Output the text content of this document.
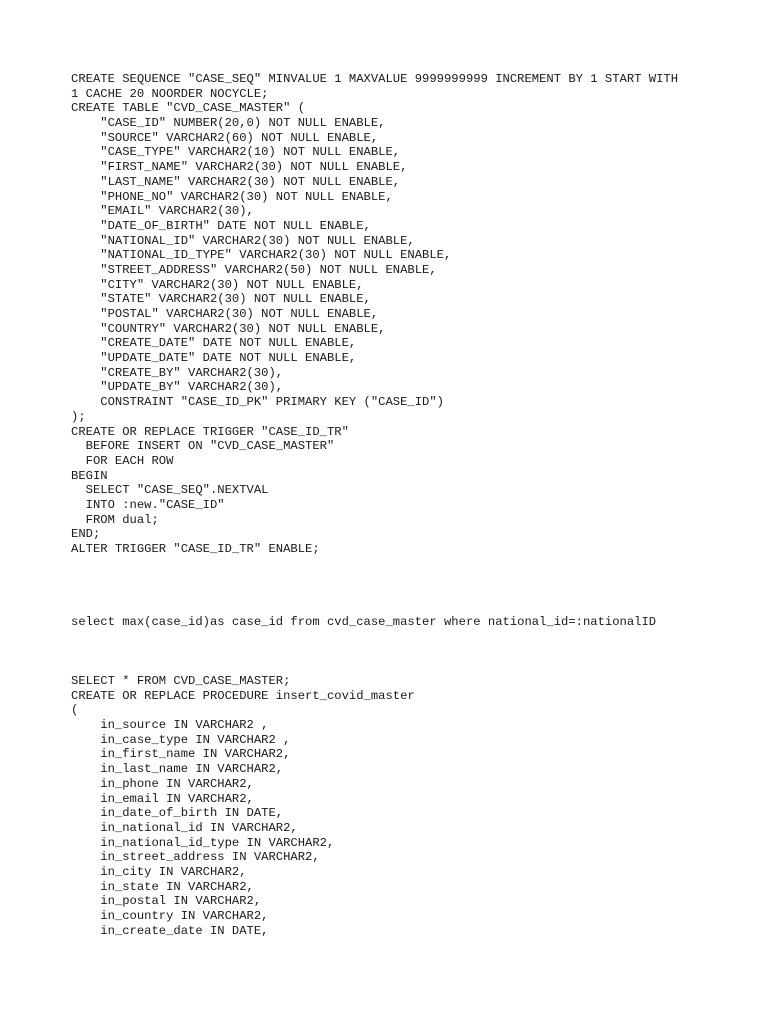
CREATE SEQUENCE "CASE_SEQ" MINVALUE 1 MAXVALUE 9999999999 INCREMENT BY 1 START WITH
1 CACHE 20 NOORDER NOCYCLE;
CREATE TABLE "CVD_CASE_MASTER" (
"CASE_ID" NUMBER(20,0) NOT NULL ENABLE,
"SOURCE" VARCHAR2(60) NOT NULL ENABLE,
"CASE_TYPE" VARCHAR2(10) NOT NULL ENABLE,
"FIRST_NAME" VARCHAR2(30) NOT NULL ENABLE,
"LAST_NAME" VARCHAR2(30) NOT NULL ENABLE,
"PHONE_NO" VARCHAR2(30) NOT NULL ENABLE,
"EMAIL" VARCHAR2(30),
"DATE_OF_BIRTH" DATE NOT NULL ENABLE,
"NATIONAL_ID" VARCHAR2(30) NOT NULL ENABLE,
"NATIONAL_ID_TYPE" VARCHAR2(30) NOT NULL ENABLE,
"STREET_ADDRESS" VARCHAR2(50) NOT NULL ENABLE,
"CITY" VARCHAR2(30) NOT NULL ENABLE,
"STATE" VARCHAR2(30) NOT NULL ENABLE,
"POSTAL" VARCHAR2(30) NOT NULL ENABLE,
"COUNTRY" VARCHAR2(30) NOT NULL ENABLE,
"CREATE_DATE" DATE NOT NULL ENABLE,
"UPDATE_DATE" DATE NOT NULL ENABLE,
"CREATE_BY" VARCHAR2(30),
"UPDATE_BY" VARCHAR2(30),
CONSTRAINT "CASE_ID_PK" PRIMARY KEY ("CASE_ID")
);
CREATE OR REPLACE TRIGGER "CASE_ID_TR"
BEFORE INSERT ON "CVD_CASE_MASTER"
FOR EACH ROW
BEGIN
SELECT "CASE_SEQ".NEXTVAL
INTO :new."CASE_ID"
FROM dual;
END;
ALTER TRIGGER "CASE_ID_TR" ENABLE;
select max(case_id)as case_id from cvd_case_master where national_id=:nationalID
SELECT * FROM CVD_CASE_MASTER;
CREATE OR REPLACE PROCEDURE insert_covid_master
(
in_source IN VARCHAR2 ,
in_case_type IN VARCHAR2 ,
in_first_name IN VARCHAR2,
in_last_name IN VARCHAR2,
in_phone IN VARCHAR2,
in_email IN VARCHAR2,
in_date_of_birth IN DATE,
in_national_id IN VARCHAR2,
in_national_id_type IN VARCHAR2,
in_street_address IN VARCHAR2,
in_city IN VARCHAR2,
in_state IN VARCHAR2,
in_postal IN VARCHAR2,
in_country IN VARCHAR2,
in_create_date IN DATE,
